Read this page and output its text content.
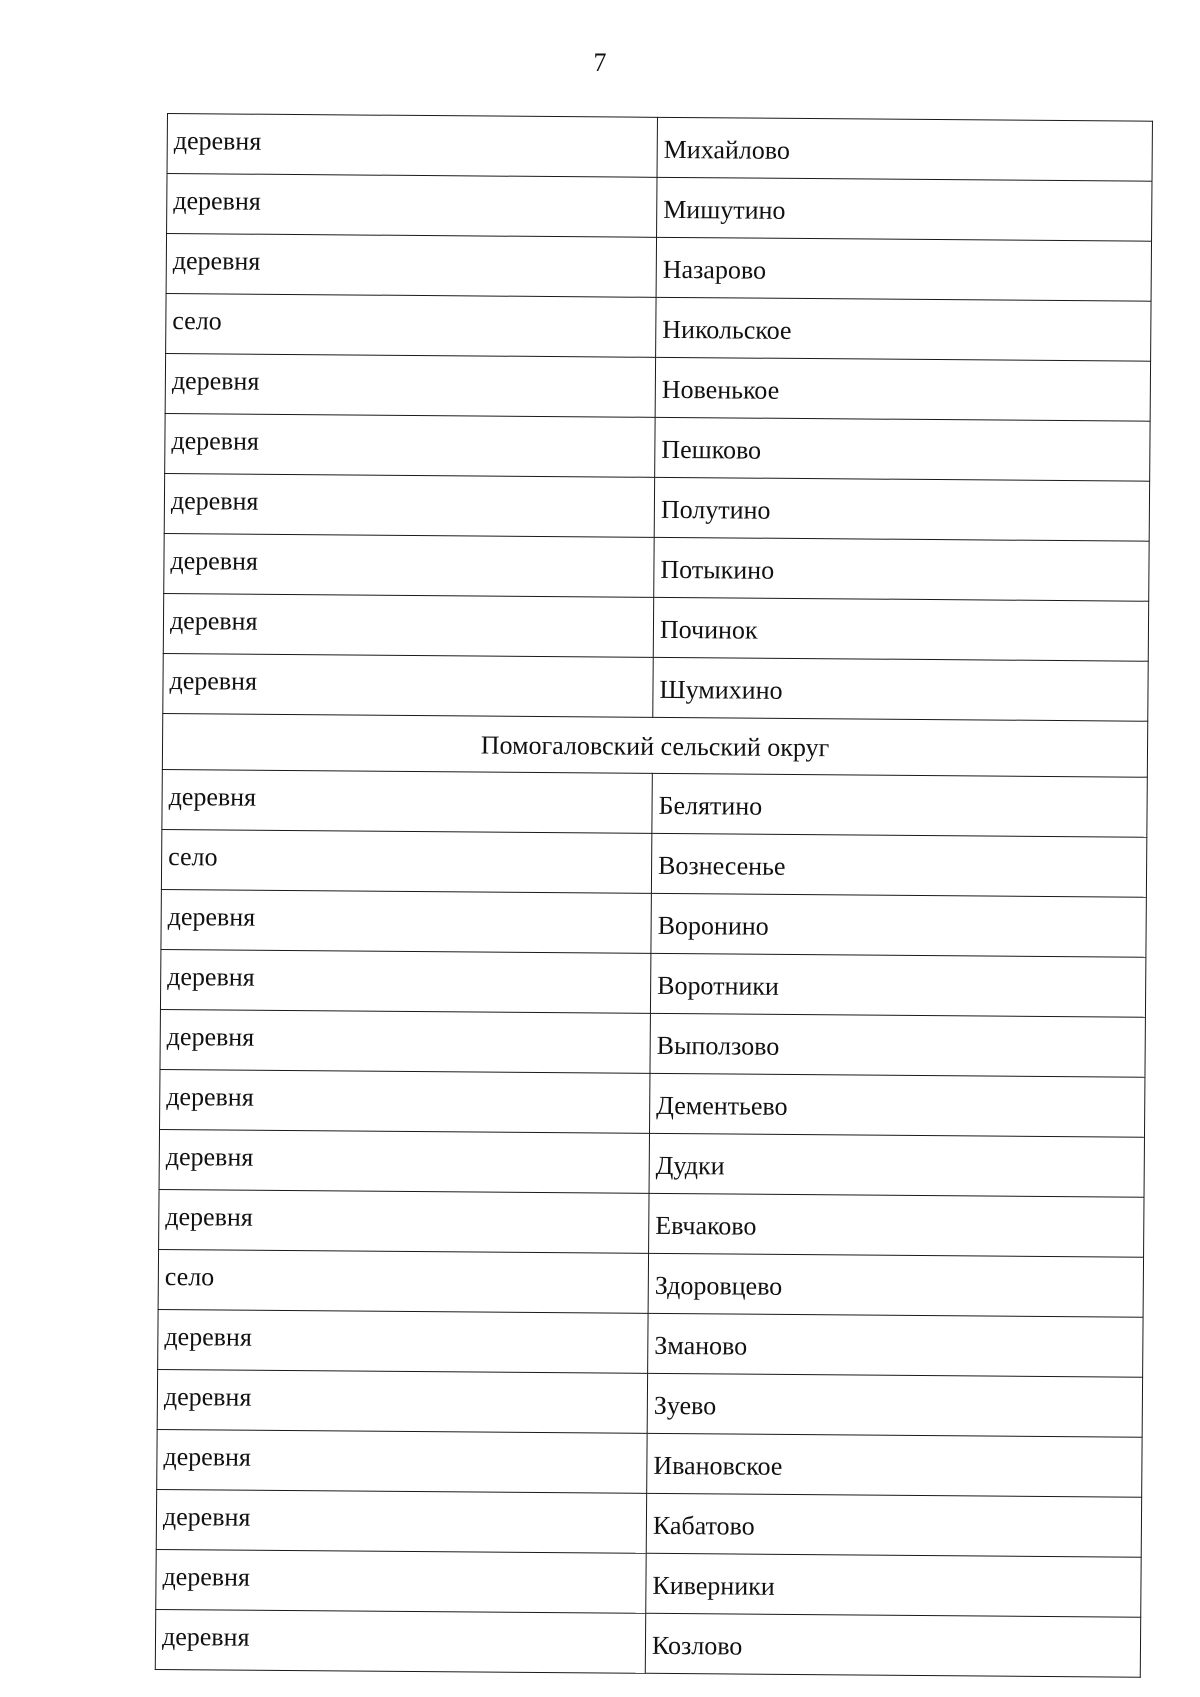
7
деревня	Михайлово
деревня	Мишутино
деревня	Назарово
село	Никольское
деревня	Новенькое
деревня	Пешково
деревня	Полутино
деревня	Потыкино
деревня	Починок
деревня	Шумихино
Помогаловский сельский округ	
деревня	Белятино
село	Вознесенье
деревня	Воронино
деревня	Воротники
деревня	Выползово
деревня	Дементьево
деревня	Дудки
деревня	Евчаково
село	Здоровцево
деревня	Зманово
деревня	Зуево
деревня	Ивановское
деревня	Кабатово
деревня	Киверники
деревня	Козлово
